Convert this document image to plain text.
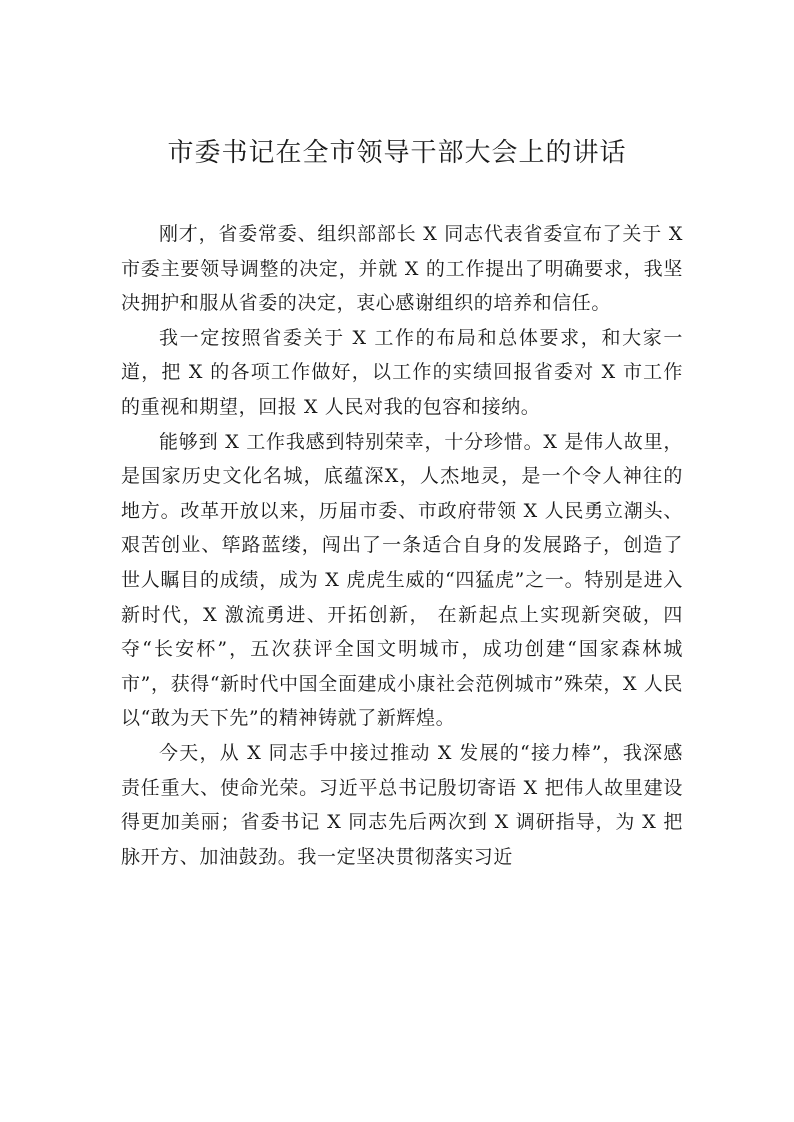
市委书记在全市领导干部大会上的讲话

刚才，省委常委、组织部部长 X 同志代表省委宣布了关于 X 市委主要领导调整的决定，并就 X 的工作提出了明确要求，我坚决拥护和服从省委的决定，衷心感谢组织的培养和信任。

我一定按照省委关于 X 工作的布局和总体要求，和大家一道，把 X 的各项工作做好，以工作的实绩回报省委对 X 市工作的重视和期望，回报 X 人民对我的包容和接纳。

能够到 X 工作我感到特别荣幸，十分珍惜。X 是伟人故里，是国家历史文化名城，底蕴深X，人杰地灵，是一个令人神往的地方。改革开放以来，历届市委、市政府带领 X 人民勇立潮头、艰苦创业、筚路蓝缕，闯出了一条适合自身的发展路子，创造了世人瞩目的成绩，成为 X 虎虎生威的“四猛虎”之一。特别是进入新时代，X 激流勇进、开拓创新， 在新起点上实现新突破，四夺“长安杯”，五次获评全国文明城市，成功创建“国家森林城市”，获得“新时代中国全面建成小康社会范例城市”殊荣，X 人民以“敢为天下先”的精神铸就了新辉煌。

今天，从 X 同志手中接过推动 X 发展的“接力棒”，我深感责任重大、使命光荣。习近平总书记殷切寄语 X 把伟人故里建设得更加美丽；省委书记 X 同志先后两次到 X 调研指导，为 X 把脉开方、加油鼓劲。我一定坚决贯彻落实习近
